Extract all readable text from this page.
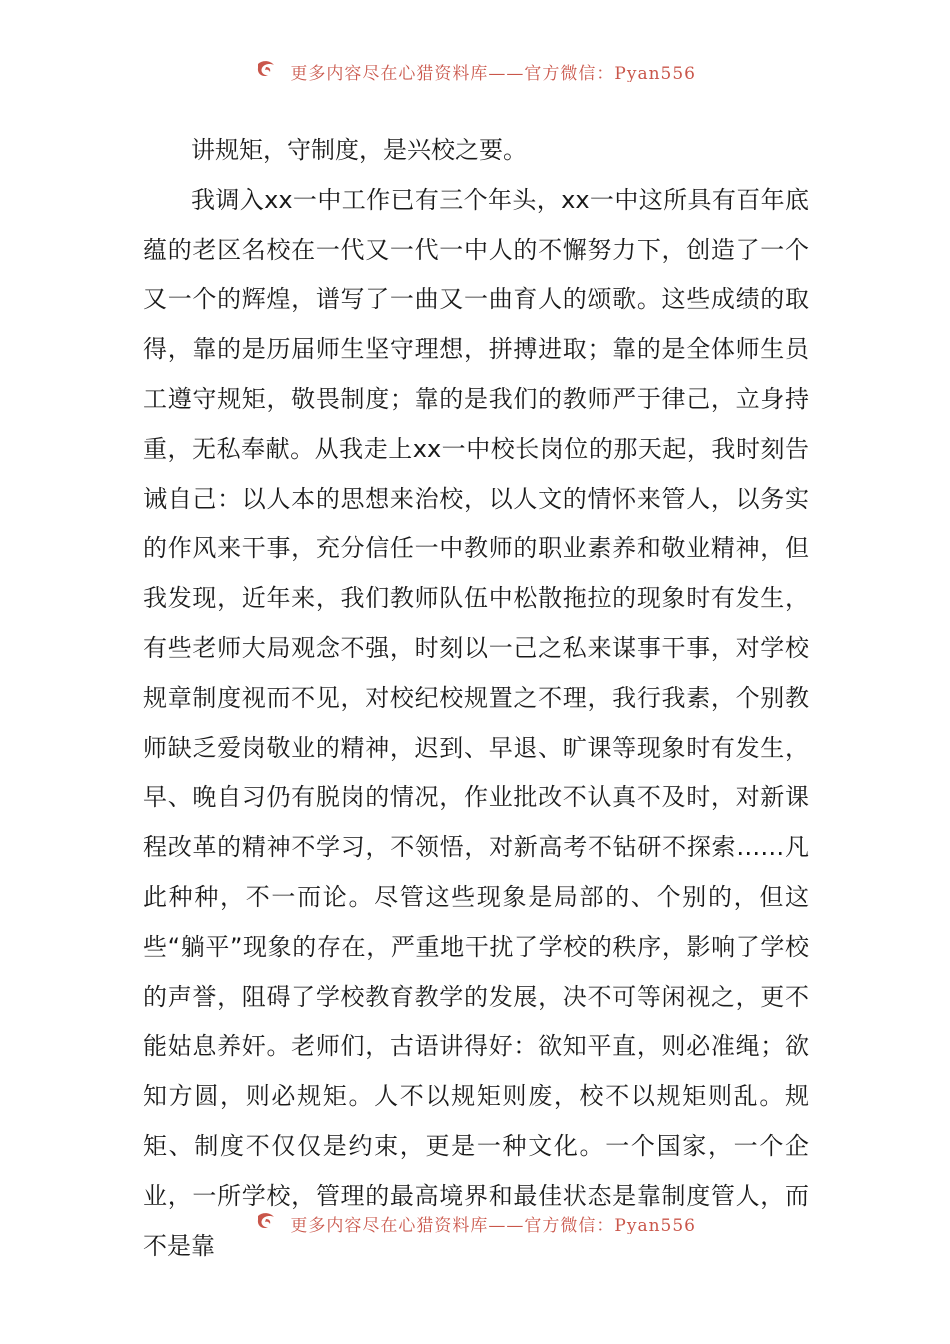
更多内容尽在心猎资料库——官方微信：Pyan556

讲规矩，守制度，是兴校之要。

我调入xx一中工作已有三个年头，xx一中这所具有百年底蕴的老区名校在一代又一代一中人的不懈努力下，创造了一个又一个的辉煌，谱写了一曲又一曲育人的颂歌。这些成绩的取得，靠的是历届师生坚守理想，拼搏进取；靠的是全体师生员工遵守规矩，敬畏制度；靠的是我们的教师严于律己，立身持重，无私奉献。从我走上xx一中校长岗位的那天起，我时刻告诫自己：以人本的思想来治校，以人文的情怀来管人，以务实的作风来干事，充分信任一中教师的职业素养和敬业精神，但我发现，近年来，我们教师队伍中松散拖拉的现象时有发生，有些老师大局观念不强，时刻以一己之私来谋事干事，对学校规章制度视而不见，对校纪校规置之不理，我行我素，个别教师缺乏爱岗敬业的精神，迟到、早退、旷课等现象时有发生，早、晚自习仍有脱岗的情况，作业批改不认真不及时，对新课程改革的精神不学习，不领悟，对新高考不钻研不探索……凡此种种，不一而论。尽管这些现象是局部的、个别的，但这些“躺平”现象的存在，严重地干扰了学校的秩序，影响了学校的声誉，阻碍了学校教育教学的发展，决不可等闲视之，更不能姑息养奸。老师们，古语讲得好：欲知平直，则必准绳；欲知方圆，则必规矩。人不以规矩则废，校不以规矩则乱。规矩、制度不仅仅是约束，更是一种文化。一个国家，一个企业，一所学校，管理的最高境界和最佳状态是靠制度管人，而不是靠

更多内容尽在心猎资料库——官方微信：Pyan556
